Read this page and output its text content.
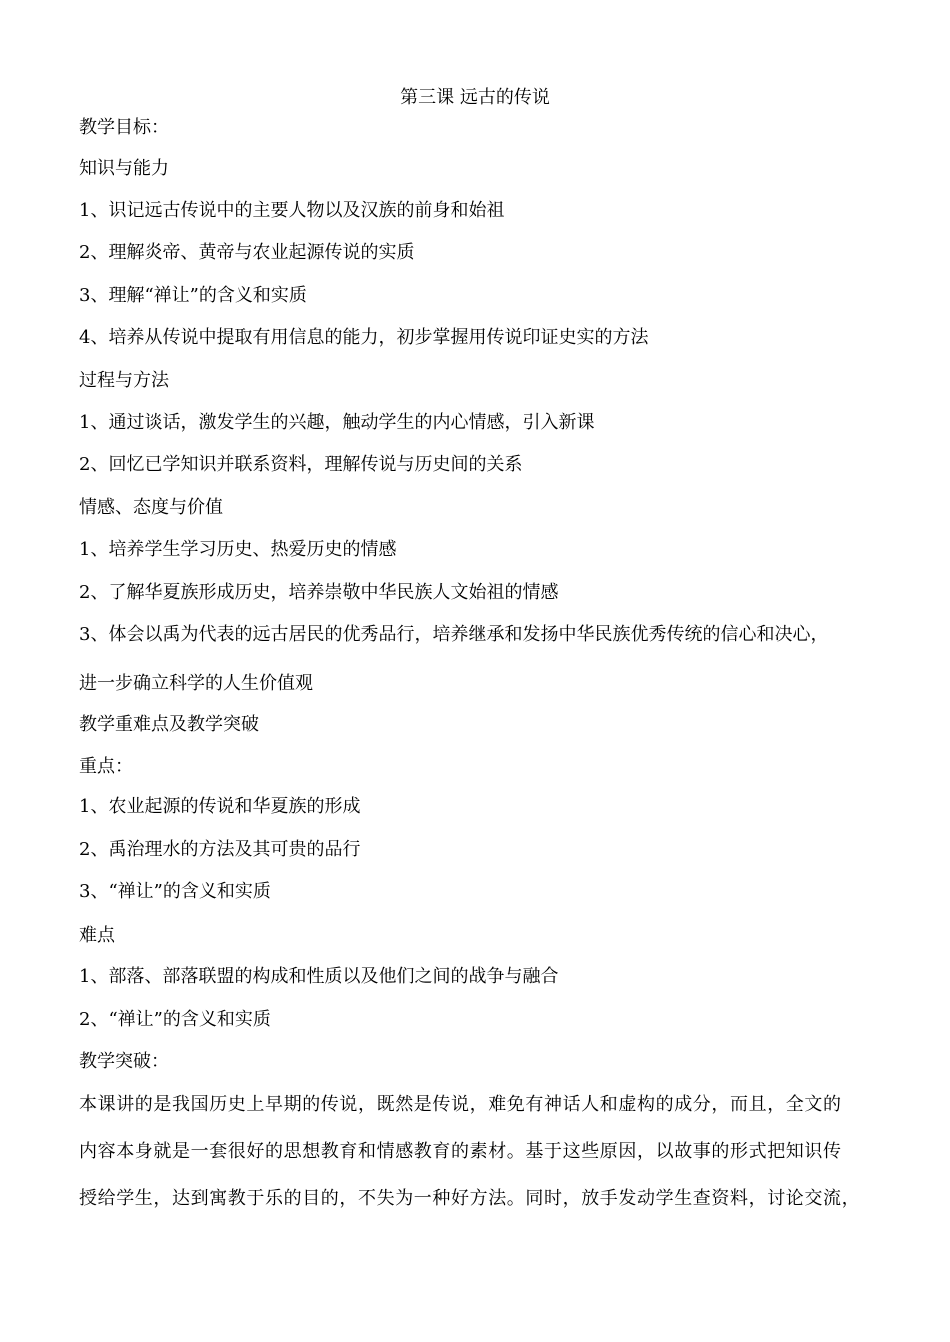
第三课 远古的传说
教学目标：
知识与能力
1、识记远古传说中的主要人物以及汉族的前身和始祖
2、理解炎帝、黄帝与农业起源传说的实质
3、理解“禅让”的含义和实质
4、培养从传说中提取有用信息的能力，初步掌握用传说印证史实的方法
过程与方法
1、通过谈话，激发学生的兴趣，触动学生的内心情感，引入新课
2、回忆已学知识并联系资料，理解传说与历史间的关系
情感、态度与价值
1、培养学生学习历史、热爱历史的情感
2、了解华夏族形成历史，培养崇敬中华民族人文始祖的情感
3、体会以禹为代表的远古居民的优秀品行，培养继承和发扬中华民族优秀传统的信心和决心，
进一步确立科学的人生价值观
教学重难点及教学突破
重点：
1、农业起源的传说和华夏族的形成
2、禹治理水的方法及其可贵的品行
3、“禅让”的含义和实质
难点
1、部落、部落联盟的构成和性质以及他们之间的战争与融合
2、“禅让”的含义和实质
教学突破：
本课讲的是我国历史上早期的传说，既然是传说，难免有神话人和虚构的成分，而且，全文的
内容本身就是一套很好的思想教育和情感教育的素材。基于这些原因，以故事的形式把知识传
授给学生，达到寓教于乐的目的，不失为一种好方法。同时，放手发动学生查资料，讨论交流，
